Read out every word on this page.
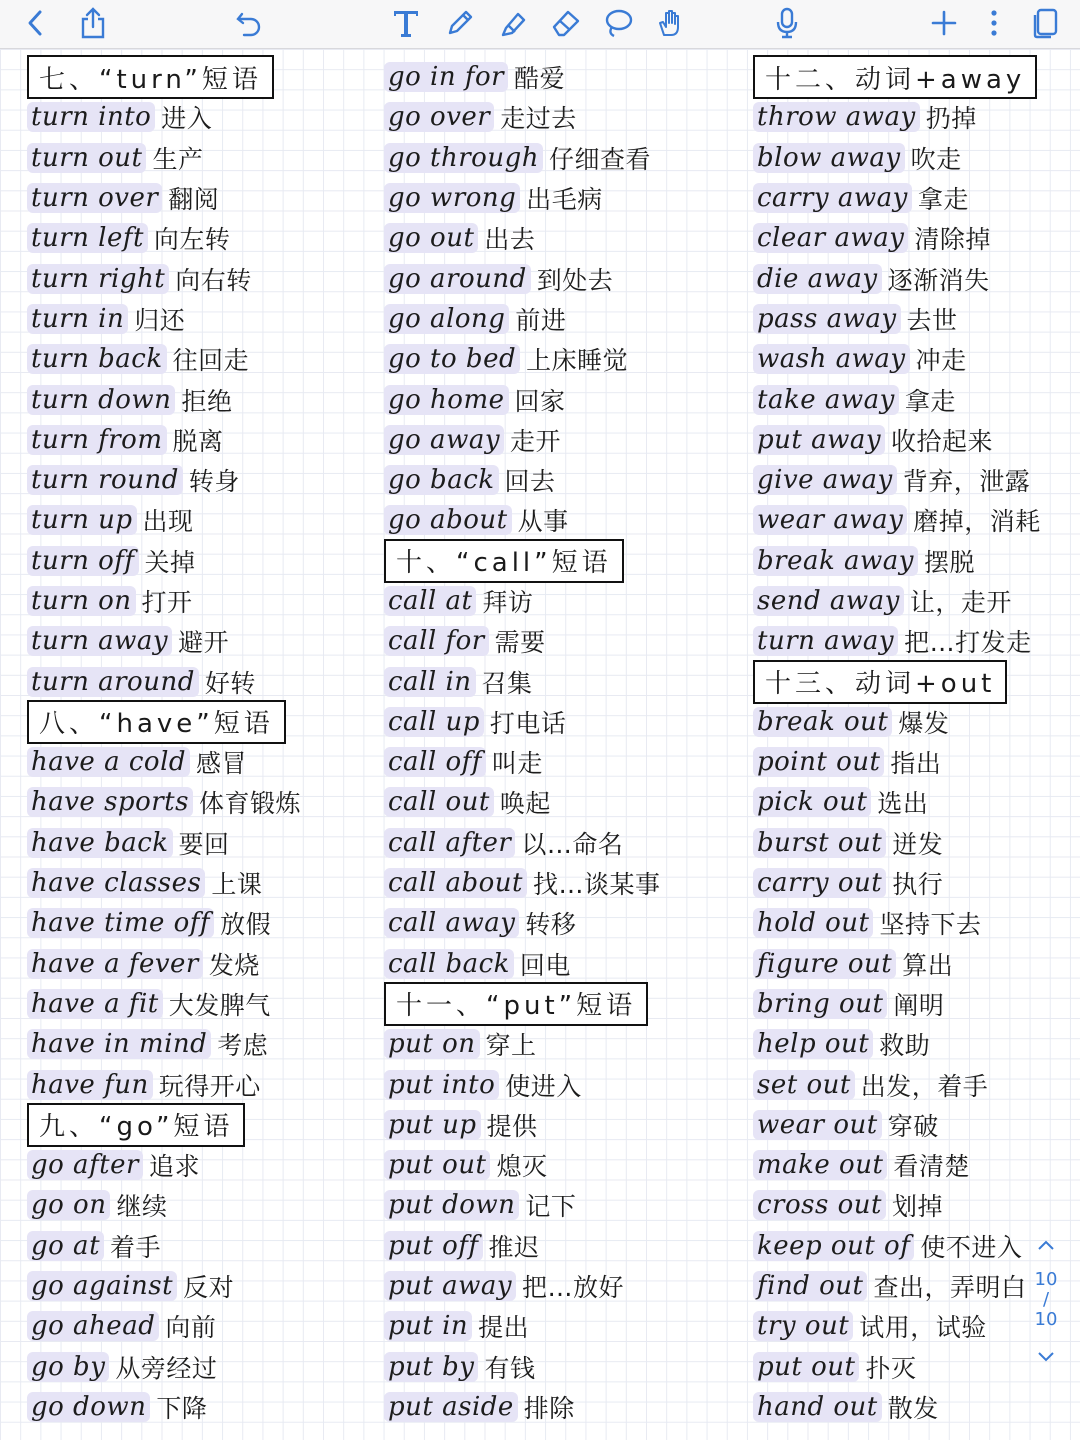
七、“turn”短语
turn into 进入
turn out 生产
turn over 翻阅
turn left 向左转
turn right 向右转
turn in 归还
turn back 往回走
turn down 拒绝
turn from 脱离
turn round 转身
turn up 出现
turn off 关掉
turn on 打开
turn away 避开
turn around 好转
八、“have”短语
have a cold 感冒
have sports 体育锻炼
have back 要回
have classes 上课
have time off 放假
have a fever 发烧
have a fit 大发脾气
have in mind 考虑
have fun 玩得开心
九、“go”短语
go after 追求
go on 继续
go at 着手
go against 反对
go ahead 向前
go by 从旁经过
go down 下降
go in for 酷爱
go over 走过去
go through 仔细查看
go wrong 出毛病
go out 出去
go around 到处去
go along 前进
go to bed 上床睡觉
go home 回家
go away 走开
go back 回去
go about 从事
十、“call”短语
call at 拜访
call for 需要
call in 召集
call up 打电话
call off 叫走
call out 唤起
call after 以…命名
call about 找…谈某事
call away 转移
call back 回电
十一、“put”短语
put on 穿上
put into 使进入
put up 提供
put out 熄灭
put down 记下
put off 推迟
put away 把…放好
put in 提出
put by 有钱
put aside 排除
十二、动词+away
throw away 扔掉
blow away 吹走
carry away 拿走
clear away 清除掉
die away 逐渐消失
pass away 去世
wash away 冲走
take away 拿走
put away 收拾起来
give away 背弃，泄露
wear away 磨掉，消耗
break away 摆脱
send away 让，走开
turn away 把…打发走
十三、动词+out
break out 爆发
point out 指出
pick out 选出
burst out 迸发
carry out 执行
hold out 坚持下去
figure out 算出
bring out 阐明
help out 救助
set out 出发，着手
wear out 穿破
make out 看清楚
cross out 划掉
keep out of 使不进入
find out 查出，弄明白
try out 试用，试验
put out 扑灭
hand out 散发
10
/
10
